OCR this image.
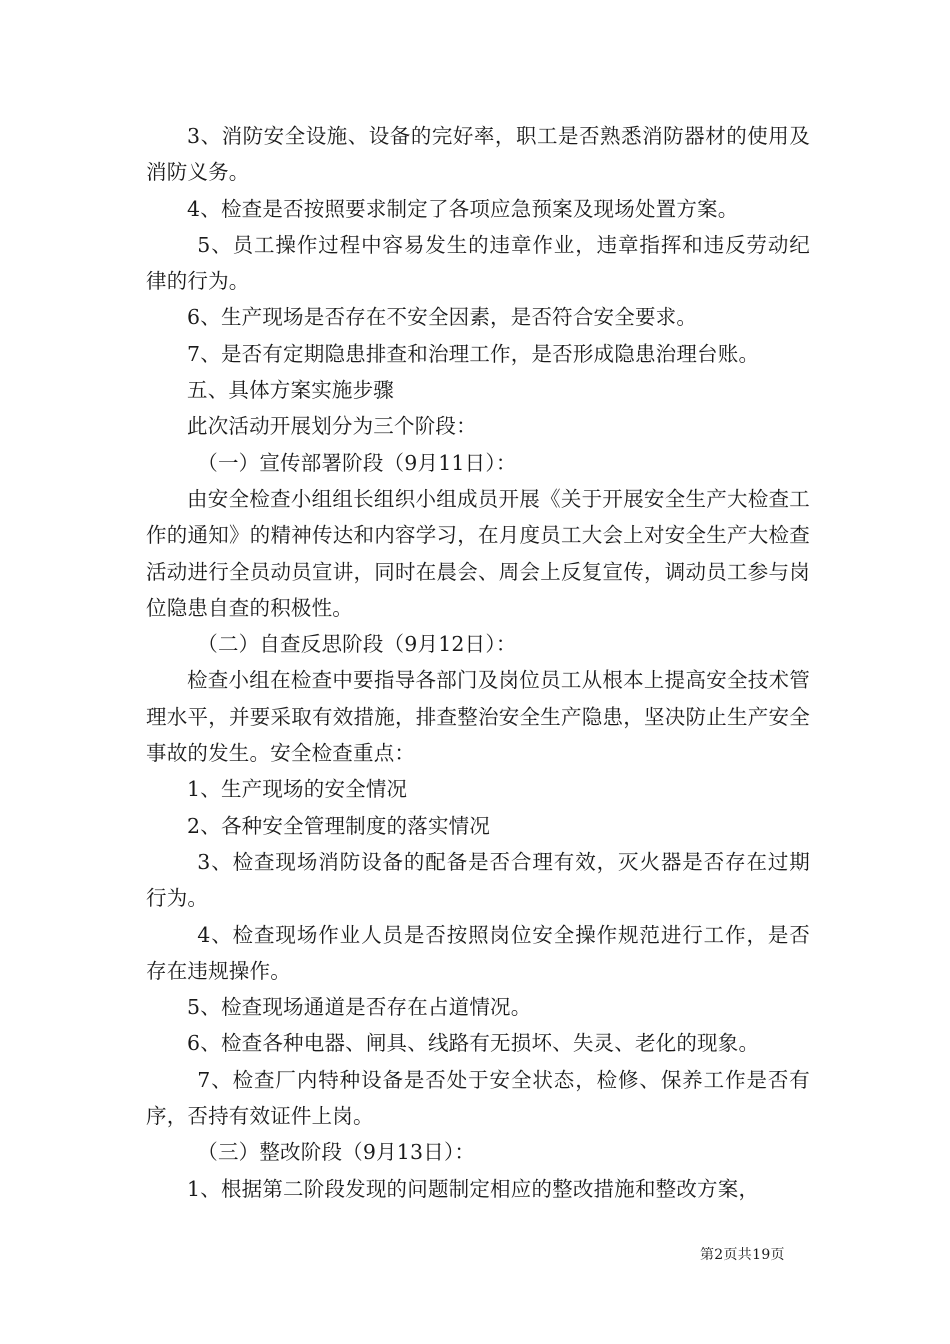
3、消防安全设施、设备的完好率，职工是否熟悉消防器材的使用及消防义务。

4、检查是否按照要求制定了各项应急预案及现场处置方案。

5、员工操作过程中容易发生的违章作业，违章指挥和违反劳动纪律的行为。

6、生产现场是否存在不安全因素，是否符合安全要求。

7、是否有定期隐患排查和治理工作，是否形成隐患治理台账。

五、具体方案实施步骤

此次活动开展划分为三个阶段：

（一）宣传部署阶段（9月11日）：

由安全检查小组组长组织小组成员开展《关于开展安全生产大检查工作的通知》的精神传达和内容学习，在月度员工大会上对安全生产大检查活动进行全员动员宣讲，同时在晨会、周会上反复宣传，调动员工参与岗位隐患自查的积极性。

（二）自查反思阶段（9月12日）：

检查小组在检查中要指导各部门及岗位员工从根本上提高安全技术管理水平，并要采取有效措施，排查整治安全生产隐患，坚决防止生产安全事故的发生。安全检查重点：

1、生产现场的安全情况

2、各种安全管理制度的落实情况

3、检查现场消防设备的配备是否合理有效，灭火器是否存在过期行为。

4、检查现场作业人员是否按照岗位安全操作规范进行工作，是否存在违规操作。

5、检查现场通道是否存在占道情况。

6、检查各种电器、闸具、线路有无损坏、失灵、老化的现象。

7、检查厂内特种设备是否处于安全状态，检修、保养工作是否有序，否持有效证件上岗。

（三）整改阶段（9月13日）：

1、根据第二阶段发现的问题制定相应的整改措施和整改方案，

第2页共19页
